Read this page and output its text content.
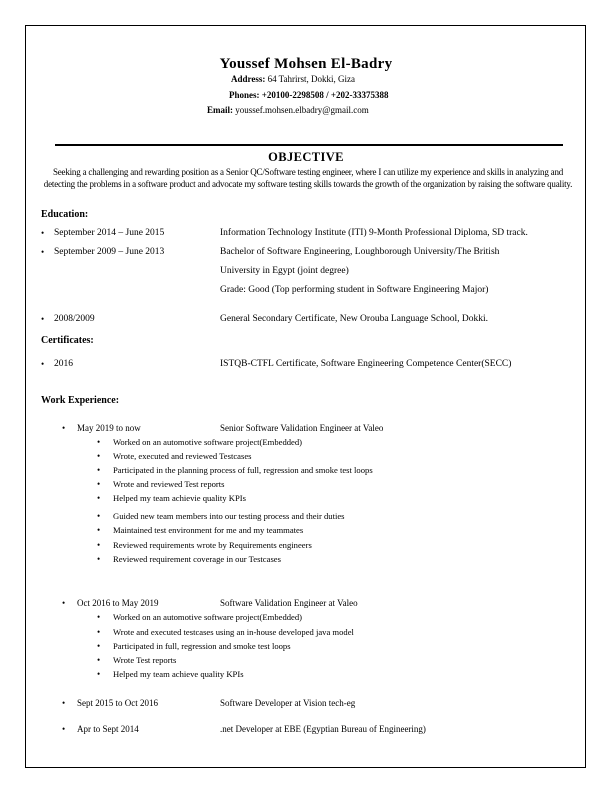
Youssef Mohsen El-Badry
Address: 64 Tahrirst, Dokki, Giza
Phones: +20100-2298508 / +202-33375388
Email: youssef.mohsen.elbadry@gmail.com
OBJECTIVE
Seeking a challenging and rewarding position as a Senior QC/Software testing engineer, where I can utilize my experience and skills in analyzing and detecting the problems in a software product and advocate my software testing skills towards the growth of the organization by raising the software quality.
Education:
• September 2014 – June 2015	Information Technology Institute (ITI) 9-Month Professional Diploma, SD track.
• September 2009 – June 2013	Bachelor of Software Engineering, Loughborough University/The British
University in Egypt (joint degree)
Grade: Good (Top performing student in Software Engineering Major)
• 2008/2009	General Secondary Certificate, New Orouba Language School, Dokki.
Certificates:
• 2016	ISTQB-CTFL Certificate, Software Engineering Competence Center(SECC)
Work Experience:
• May 2019 to now	Senior Software Validation Engineer at Valeo
• Worked on an automotive software project(Embedded)
• Wrote, executed and reviewed Testcases
• Participated in the planning process of full, regression and smoke test loops
• Wrote and reviewed Test reports
• Helped my team achievie quality KPIs
• Guided new team members into our testing process and their duties
• Maintained test environment for me and my teammates
• Reviewed requirements wrote by Requirements engineers
• Reviewed requirement coverage in our Testcases
• Oct 2016 to May 2019	Software Validation Engineer at Valeo
• Worked on an automotive software project(Embedded)
• Wrote and executed testcases using an in-house developed java model
• Participated in full, regression and smoke test loops
• Wrote Test reports
• Helped my team achieve quality KPIs
• Sept 2015 to Oct 2016	Software Developer at Vision tech-eg
• Apr to Sept 2014	.net Developer at EBE (Egyptian Bureau of Engineering)
